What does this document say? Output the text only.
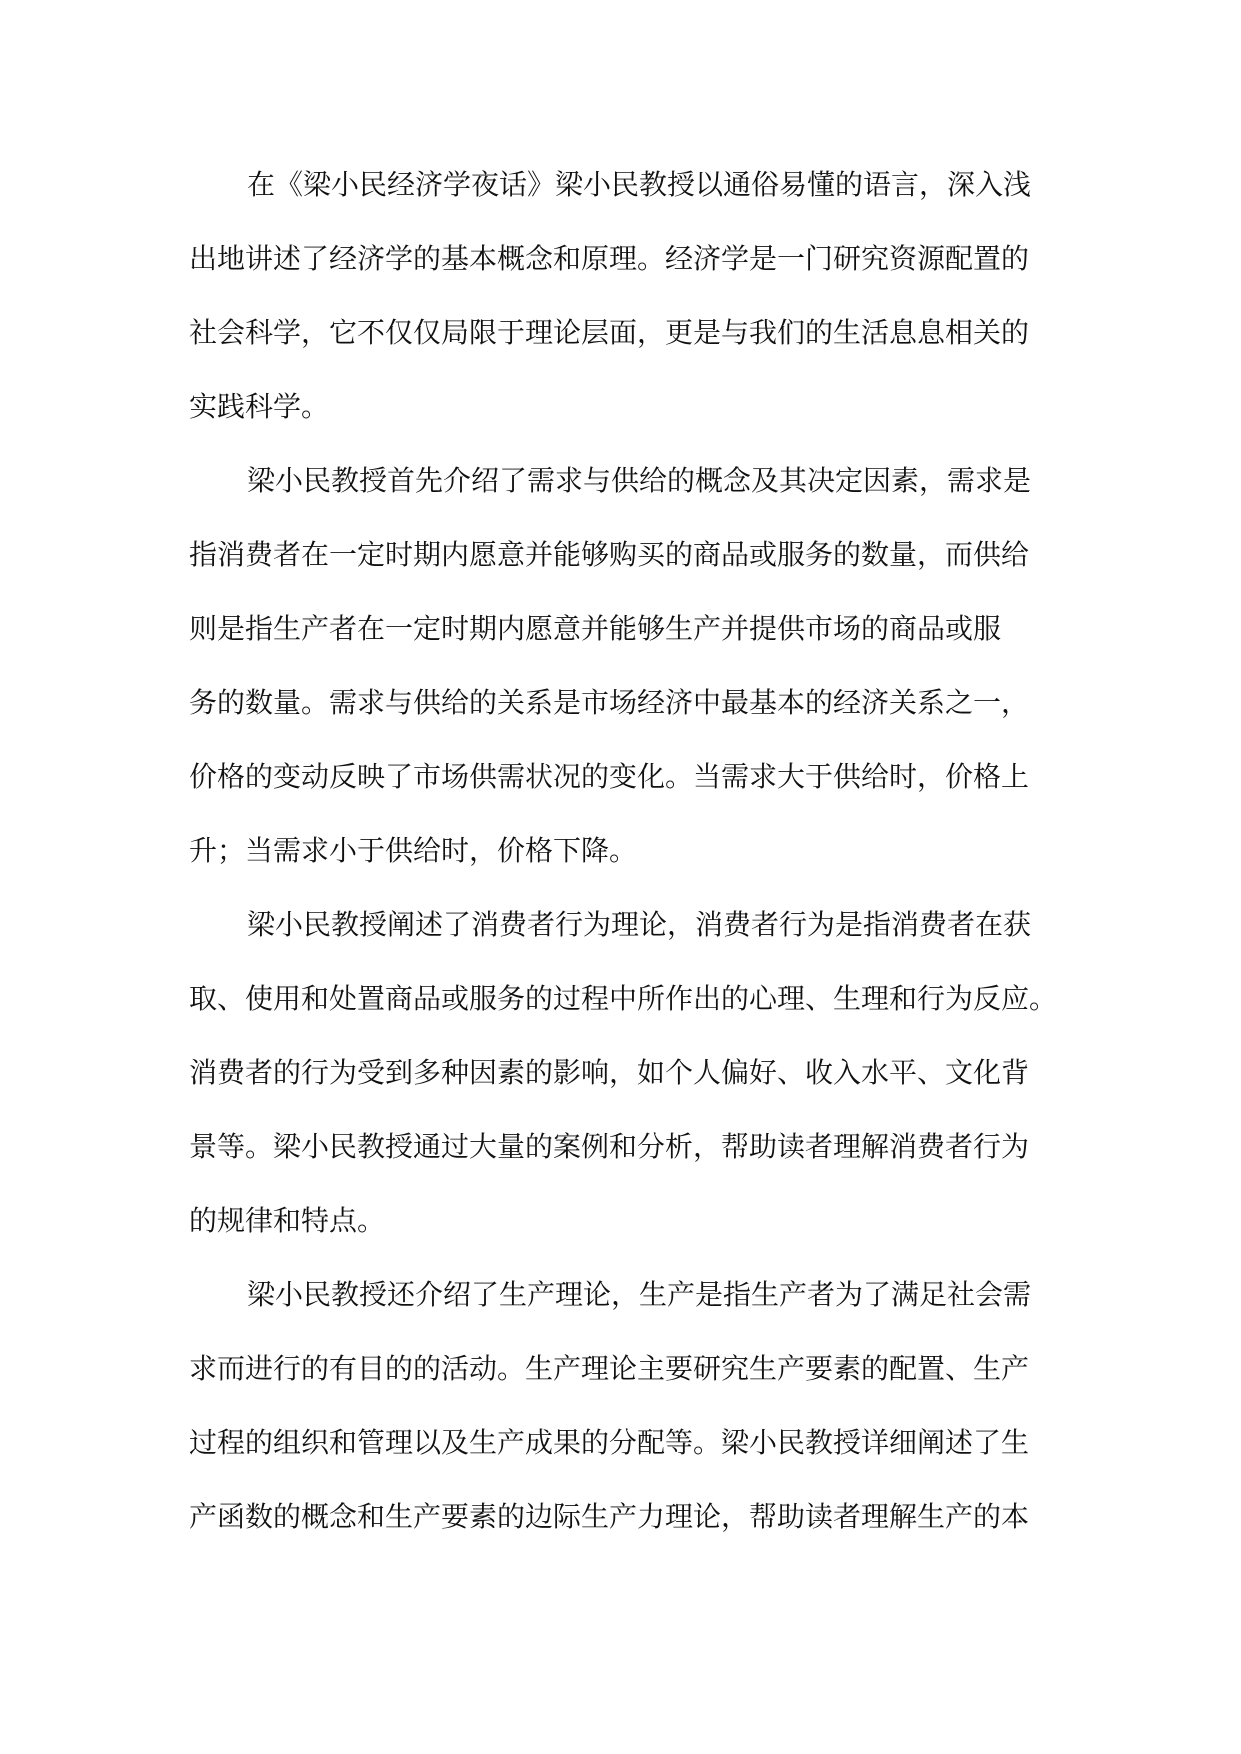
在《梁小民经济学夜话》梁小民教授以通俗易懂的语言，深入浅
出地讲述了经济学的基本概念和原理。经济学是一门研究资源配置的
社会科学，它不仅仅局限于理论层面，更是与我们的生活息息相关的
实践科学。
梁小民教授首先介绍了需求与供给的概念及其决定因素，需求是
指消费者在一定时期内愿意并能够购买的商品或服务的数量，而供给
则是指生产者在一定时期内愿意并能够生产并提供市场的商品或服
务的数量。需求与供给的关系是市场经济中最基本的经济关系之一，
价格的变动反映了市场供需状况的变化。当需求大于供给时，价格上
升；当需求小于供给时，价格下降。
梁小民教授阐述了消费者行为理论，消费者行为是指消费者在获
取、使用和处置商品或服务的过程中所作出的心理、生理和行为反应。
消费者的行为受到多种因素的影响，如个人偏好、收入水平、文化背
景等。梁小民教授通过大量的案例和分析，帮助读者理解消费者行为
的规律和特点。
梁小民教授还介绍了生产理论，生产是指生产者为了满足社会需
求而进行的有目的的活动。生产理论主要研究生产要素的配置、生产
过程的组织和管理以及生产成果的分配等。梁小民教授详细阐述了生
产函数的概念和生产要素的边际生产力理论，帮助读者理解生产的本
